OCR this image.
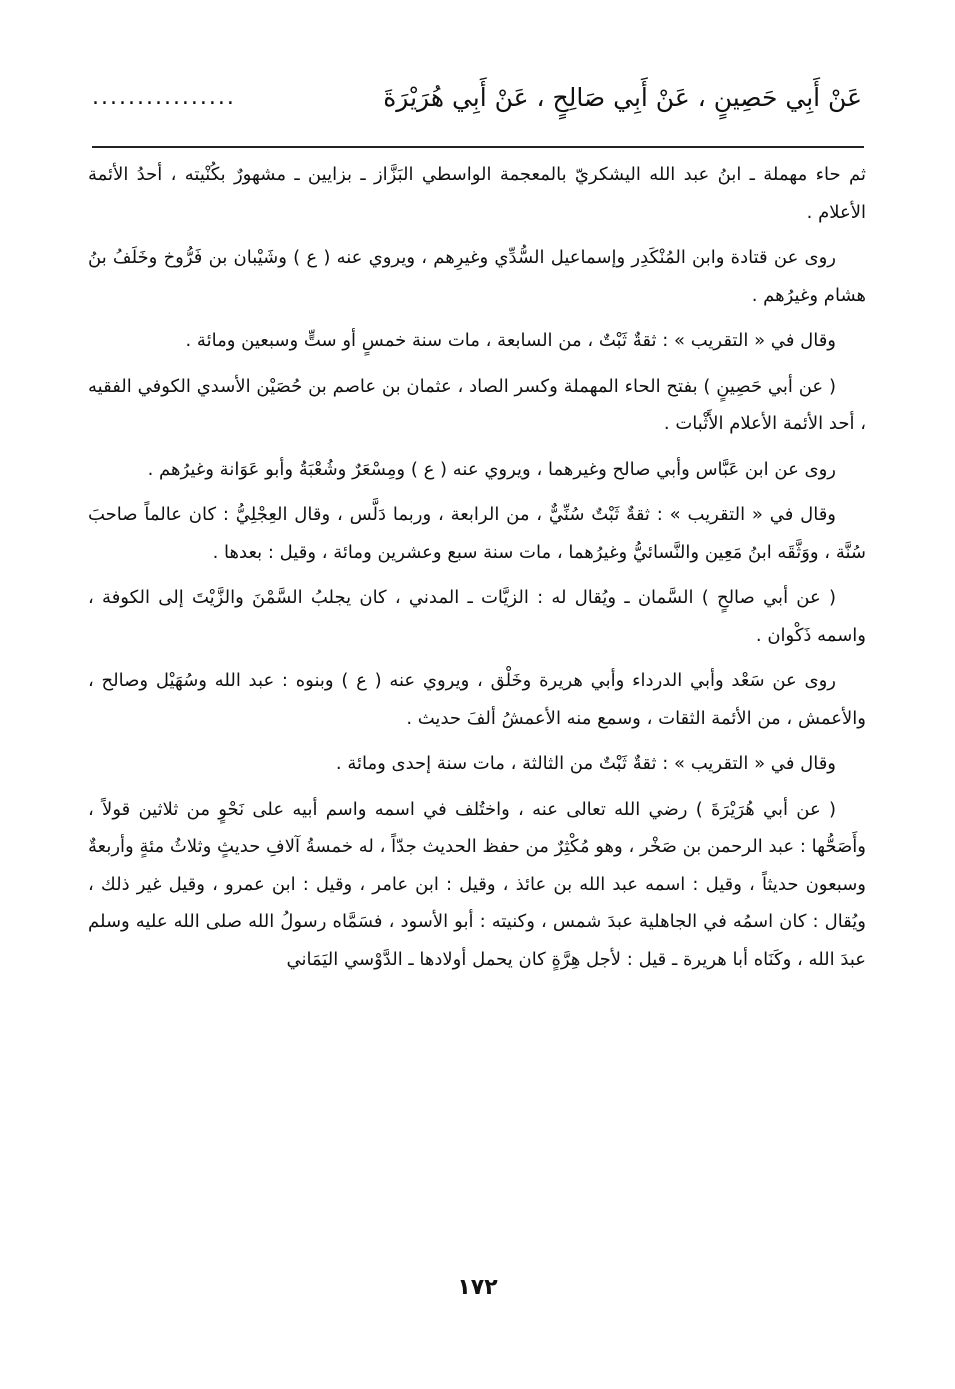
عَنْ أَبِي حَصِينٍ ، عَنْ أَبِي صَالِحٍ ، عَنْ أَبِي هُرَيْرَةَ
................

ثم حاء مهملة ـ ابنُ عبد الله اليشكريّ بالمعجمة الواسطي البَزَّاز ـ بزايين ـ مشهورٌ بكُنْيته ، أحدُ الأئمة الأعلام .

روى عن قتادة وابن المُنْكَدِر وإسماعيل السُّدِّي وغيرِهم ، ويروي عنه ( ع ) وشَيْبان بن فَرُّوخ وخَلَفُ بنُ هشام وغيرُهم .

وقال في « التقريب » : ثقةٌ ثَبْتٌ ، من السابعة ، مات سنة خمسٍ أو ستٍّ وسبعين ومائة .

( عن أبي حَصِينٍ ) بفتح الحاء المهملة وكسر الصاد ، عثمان بن عاصم بن حُصَيْن الأسدي الكوفي الفقيه ، أحد الأئمة الأعلام الأَثْبات .

روى عن ابن عَبَّاس وأبي صالح وغيرهما ، ويروي عنه ( ع ) ومِسْعَرٌ وشُعْبَةُ وأبو عَوَانة وغيرُهم .

وقال في « التقريب » : ثقةٌ ثَبْتٌ سُنِّيٌّ ، من الرابعة ، وربما دَلَّس ، وقال العِجْلِيُّ : كان عالماً صاحبَ سُنَّة ، ووَثَّقَه ابنُ مَعِين والنَّسائيُّ وغيرُهما ، مات سنة سبع وعشرين ومائة ، وقيل : بعدها .

( عن أبي صالحٍ ) السَّمان ـ ويُقال له : الزيَّات ـ المدني ، كان يجلبُ السَّمْنَ والزَّيْتَ إلى الكوفة ، واسمه ذَكْوان .

روى عن سَعْد وأبي الدرداء وأبي هريرة وخَلْق ، ويروي عنه ( ع ) وبنوه : عبد الله وسُهَيْل وصالح ، والأعمش ، من الأئمة الثقات ، وسمع منه الأعمشُ ألفَ حديث .

وقال في « التقريب » : ثقةٌ ثَبْتٌ من الثالثة ، مات سنة إحدى ومائة .

( عن أبي هُرَيْرَةَ ) رضي الله تعالى عنه ، واختُلف في اسمه واسم أبيه على نَحْوٍ من ثلاثين قولاً ، وأَصَحُّها : عبد الرحمن بن صَخْر ، وهو مُكْثِرٌ من حفظ الحديث جدّاً ، له خمسةُ آلافِ حديثٍ وثلاثُ مئةٍ وأربعةٌ وسبعون حديثاً ، وقيل : اسمه عبد الله بن عائذ ، وقيل : ابن عامر ، وقيل : ابن عمرو ، وقيل غير ذلك ، ويُقال : كان اسمُه في الجاهلية عبدَ شمس ، وكنيته : أبو الأسود ، فسَمَّاه رسولُ الله صلى الله عليه وسلم عبدَ الله ، وكَنَاه أبا هريرة ـ قيل : لأجل هِرَّةٍ كان يحمل أولادها ـ الدَّوْسي اليَمَاني

١٧٢
